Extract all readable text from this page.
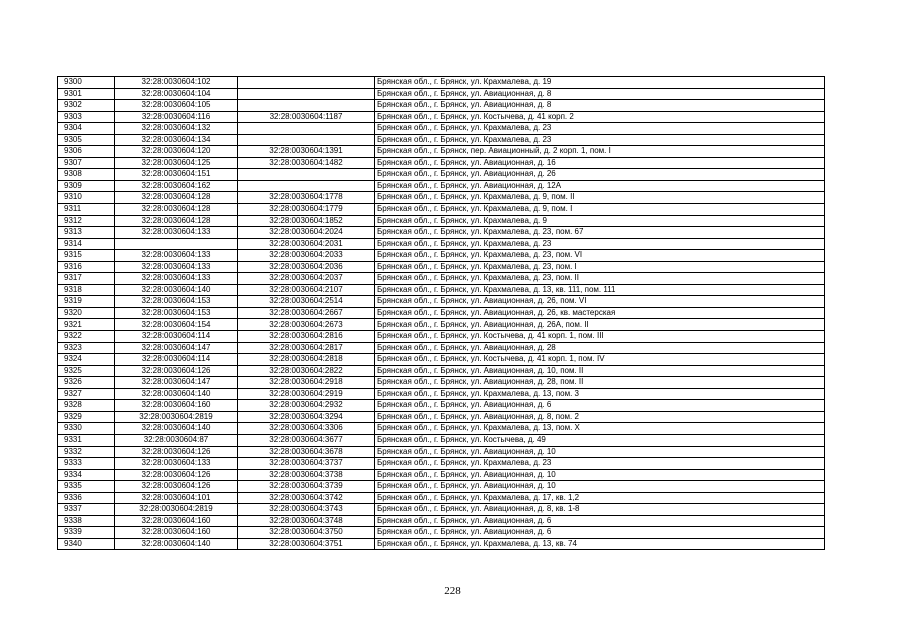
9300	32:28:0030604:102		Брянская обл., г. Брянск, ул. Крахмалева, д. 19
9301	32:28:0030604:104		Брянская обл., г. Брянск, ул. Авиационная, д. 8
9302	32:28:0030604:105		Брянская обл., г. Брянск, ул. Авиационная, д. 8
9303	32:28:0030604:116	32:28:0030604:1187	Брянская обл., г. Брянск, ул. Костычева, д. 41 корп. 2
9304	32:28:0030604:132		Брянская обл., г. Брянск, ул. Крахмалева, д. 23
9305	32:28:0030604:134		Брянская обл., г. Брянск, ул. Крахмалева, д. 23
9306	32:28:0030604:120	32:28:0030604:1391	Брянская обл., г. Брянск, пер. Авиационный, д. 2 корп. 1, пом. I
9307	32:28:0030604:125	32:28:0030604:1482	Брянская обл., г. Брянск, ул. Авиационная, д. 16
9308	32:28:0030604:151		Брянская обл., г. Брянск, ул. Авиационная, д. 26
9309	32:28:0030604:162		Брянская обл., г. Брянск, ул. Авиационная, д. 12А
9310	32:28:0030604:128	32:28:0030604:1778	Брянская обл., г. Брянск, ул. Крахмалева, д. 9, пом. II
9311	32:28:0030604:128	32:28:0030604:1779	Брянская обл., г. Брянск, ул. Крахмалева, д. 9, пом. I
9312	32:28:0030604:128	32:28:0030604:1852	Брянская обл., г. Брянск, ул. Крахмалева, д. 9
9313	32:28:0030604:133	32:28:0030604:2024	Брянская обл., г. Брянск, ул. Крахмалева, д. 23, пом. 67
9314		32:28:0030604:2031	Брянская обл., г. Брянск, ул. Крахмалева, д. 23
9315	32:28:0030604:133	32:28:0030604:2033	Брянская обл., г. Брянск, ул. Крахмалева, д. 23, пом. VI
9316	32:28:0030604:133	32:28:0030604:2036	Брянская обл., г. Брянск, ул. Крахмалева, д. 23, пом. I
9317	32:28:0030604:133	32:28:0030604:2037	Брянская обл., г. Брянск, ул. Крахмалева, д. 23, пом. II
9318	32:28:0030604:140	32:28:0030604:2107	Брянская обл., г. Брянск, ул. Крахмалева, д. 13, кв. 111, пом. 111
9319	32:28:0030604:153	32:28:0030604:2514	Брянская обл., г. Брянск, ул. Авиационная, д. 26, пом. VI
9320	32:28:0030604:153	32:28:0030604:2667	Брянская обл., г. Брянск, ул. Авиационная, д. 26, кв. мастерская
9321	32:28:0030604:154	32:28:0030604:2673	Брянская обл., г. Брянск, ул. Авиационная, д. 26А, пом. II
9322	32:28:0030604:114	32:28:0030604:2816	Брянская обл., г. Брянск, ул. Костычева, д. 41 корп. 1, пом. III
9323	32:28:0030604:147	32:28:0030604:2817	Брянская обл., г. Брянск, ул. Авиационная, д. 28
9324	32:28:0030604:114	32:28:0030604:2818	Брянская обл., г. Брянск, ул. Костычева, д. 41 корп. 1, пом. IV
9325	32:28:0030604:126	32:28:0030604:2822	Брянская обл., г. Брянск, ул. Авиационная, д. 10, пом. II
9326	32:28:0030604:147	32:28:0030604:2918	Брянская обл., г. Брянск, ул. Авиационная, д. 28, пом. II
9327	32:28:0030604:140	32:28:0030604:2919	Брянская обл., г. Брянск, ул. Крахмалева, д. 13, пом. 3
9328	32:28:0030604:160	32:28:0030604:2932	Брянская обл., г. Брянск, ул. Авиационная, д. 6
9329	32:28:0030604:2819	32:28:0030604:3294	Брянская обл., г. Брянск, ул. Авиационная, д. 8, пом. 2
9330	32:28:0030604:140	32:28:0030604:3306	Брянская обл., г. Брянск, ул. Крахмалева, д. 13, пом. X
9331	32:28:0030604:87	32:28:0030604:3677	Брянская обл., г. Брянск, ул. Костычева, д. 49
9332	32:28:0030604:126	32:28:0030604:3678	Брянская обл., г. Брянск, ул. Авиационная, д. 10
9333	32:28:0030604:133	32:28:0030604:3737	Брянская обл., г. Брянск, ул. Крахмалева, д. 23
9334	32:28:0030604:126	32:28:0030604:3738	Брянская обл., г. Брянск, ул. Авиационная, д. 10
9335	32:28:0030604:126	32:28:0030604:3739	Брянская обл., г. Брянск, ул. Авиационная, д. 10
9336	32:28:0030604:101	32:28:0030604:3742	Брянская обл., г. Брянск, ул. Крахмалева, д. 17, кв. 1,2
9337	32:28:0030604:2819	32:28:0030604:3743	Брянская обл., г. Брянск, ул. Авиационная, д. 8, кв. 1-8
9338	32:28:0030604:160	32:28:0030604:3748	Брянская обл., г. Брянск, ул. Авиационная, д. 6
9339	32:28:0030604:160	32:28:0030604:3750	Брянская обл., г. Брянск, ул. Авиационная, д. 6
9340	32:28:0030604:140	32:28:0030604:3751	Брянская обл., г. Брянск, ул. Крахмалева, д. 13, кв. 74
228
